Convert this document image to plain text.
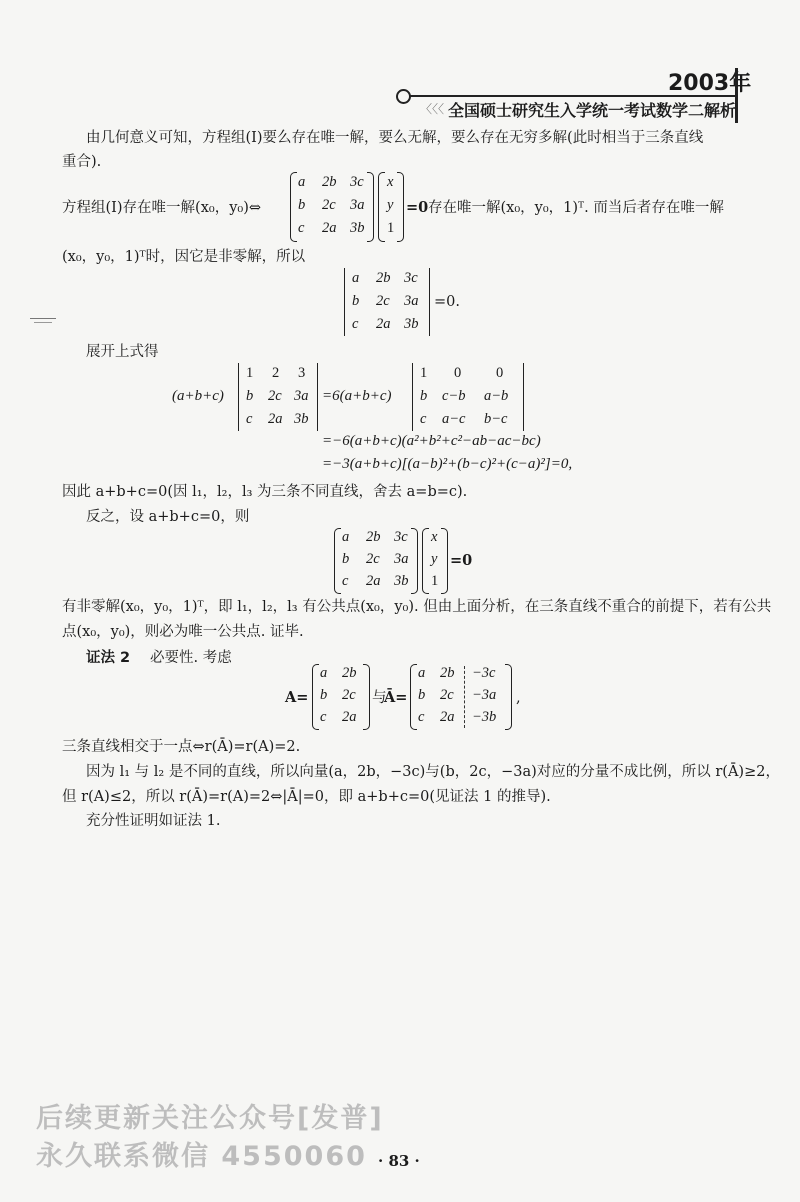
2003年
〈〈〈 全国硕士研究生入学统一考试数学二解析
由几何意义可知，方程组(Ⅰ)要么存在唯一解，要么无解，要么存在无穷多解(此时相当于三条直线
重合).
方程组(Ⅰ)存在唯一解(x₀，y₀)⇔
a 2b 3c
b 2c 3a
c 2a 3b
x
y
1
=0 存在唯一解(x₀，y₀，1)ᵀ. 而当后者存在唯一解
(x₀，y₀，1)ᵀ时，因它是非零解，所以
a 2b 3c
b 2c 3a
c 2a 3b
=0.
展开上式得
(a+b+c)
1 2 3
b 2c 3a
c 2a 3b
=6(a+b+c)
1 0 0
b c−b a−b
c a−c b−c
=−6(a+b+c)(a²+b²+c²−ab−ac−bc)
=−3(a+b+c)[(a−b)²+(b−c)²+(c−a)²]=0,
因此 a+b+c=0(因 l₁，l₂，l₃ 为三条不同直线，舍去 a=b=c).
反之，设 a+b+c=0，则
a 2b 3c
b 2c 3a
c 2a 3b
x
y
1
=0
有非零解(x₀，y₀，1)ᵀ，即 l₁，l₂，l₃ 有公共点(x₀，y₀). 但由上面分析，在三条直线不重合的前提下，若有公共
点(x₀，y₀)，则必为唯一公共点. 证毕.
证法 2 必要性. 考虑
A=
a 2b
b 2c
c 2a
与
Ā=
a 2b
b 2c
c 2a
−3c
−3a
−3b
,
三条直线相交于一点⇔r(Ā)=r(A)=2.
因为 l₁ 与 l₂ 是不同的直线，所以向量(a，2b，−3c)与(b，2c，−3a)对应的分量不成比例，所以 r(Ā)≥2，
但 r(A)≤2，所以 r(Ā)=r(A)=2⇔|Ā|=0，即 a+b+c=0(见证法 1 的推导).
充分性证明如证法 1.
后续更新关注公众号[发普]
永久联系微信 4550060 · 83 ·
